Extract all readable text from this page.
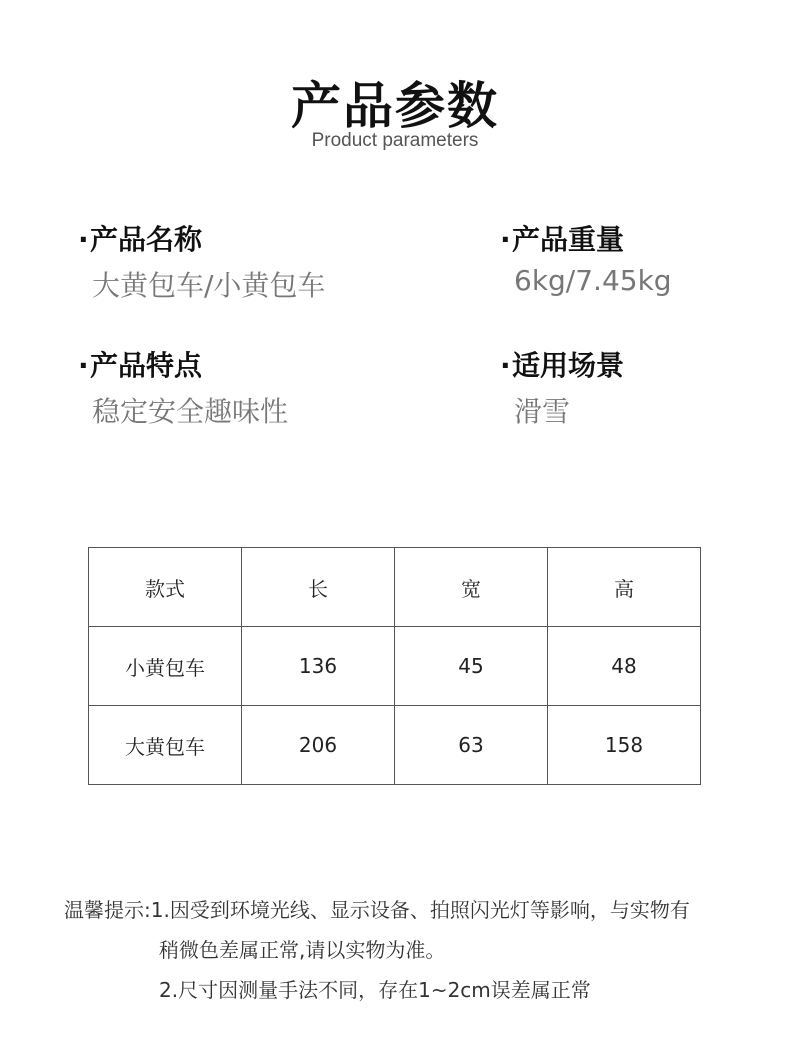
产品参数
Product parameters
·产品名称
大黄包车/小黄包车
·产品重量
6kg/7.45kg
·产品特点
稳定安全趣味性
·适用场景
滑雪
款式	长	宽	高
小黄包车	136	45	48
大黄包车	206	63	158
温馨提示:1.因受到环境光线、显示设备、拍照闪光灯等影响，与实物有
稍微色差属正常,请以实物为准。
2.尺寸因测量手法不同，存在1~2cm误差属正常
